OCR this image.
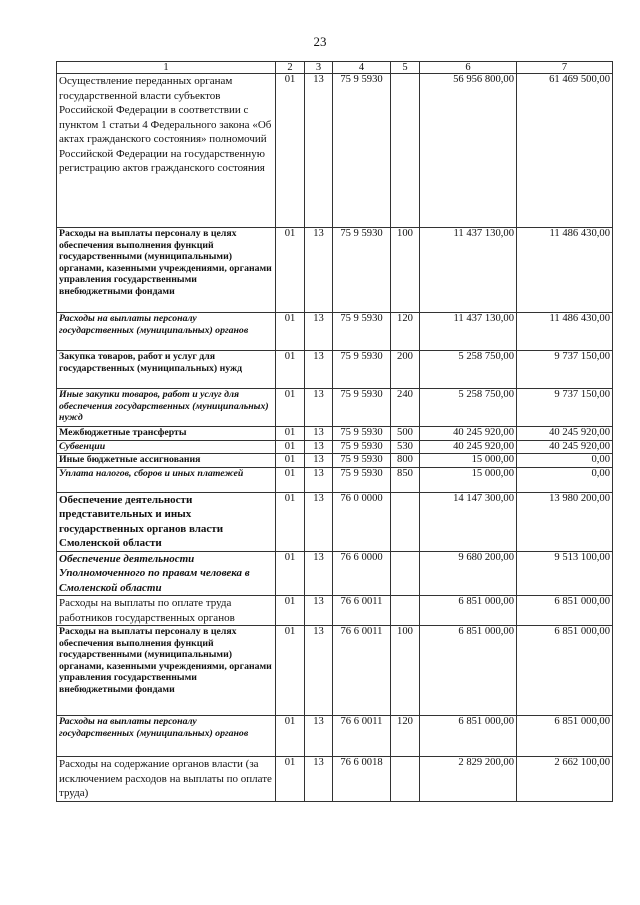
23
1	2	3	4	5	6	7
Осуществление переданных органам государственной власти субъектов Российской Федерации в соответствии с пунктом 1 статьи 4 Федерального закона «Об актах гражданского состояния» полномочий Российской Федерации на государственную регистрацию актов гражданского состояния	01	13	75 9 5930		56 956 800,00	61 469 500,00
Расходы на выплаты персоналу в целях обеспечения выполнения функций государственными (муниципальными) органами, казенными учреждениями, органами управления государственными внебюджетными фондами	01	13	75 9 5930	100	11 437 130,00	11 486 430,00
Расходы на выплаты персоналу государственных (муниципальных) органов	01	13	75 9 5930	120	11 437 130,00	11 486 430,00
Закупка товаров, работ и услуг для государственных (муниципальных) нужд	01	13	75 9 5930	200	5 258 750,00	9 737 150,00
Иные закупки товаров, работ и услуг для обеспечения государственных (муниципальных) нужд	01	13	75 9 5930	240	5 258 750,00	9 737 150,00
Межбюджетные трансферты	01	13	75 9 5930	500	40 245 920,00	40 245 920,00
Субвенции	01	13	75 9 5930	530	40 245 920,00	40 245 920,00
Иные бюджетные ассигнования	01	13	75 9 5930	800	15 000,00	0,00
Уплата налогов, сборов и иных платежей	01	13	75 9 5930	850	15 000,00	0,00
Обеспечение деятельности представительных и иных государственных органов власти Смоленской области	01	13	76 0 0000		14 147 300,00	13 980 200,00
Обеспечение деятельности Уполномоченного по правам человека в Смоленской области	01	13	76 6 0000		9 680 200,00	9 513 100,00
Расходы на выплаты по оплате труда работников государственных органов	01	13	76 6 0011		6 851 000,00	6 851 000,00
Расходы на выплаты персоналу в целях обеспечения выполнения функций государственными (муниципальными) органами, казенными учреждениями, органами управления государственными внебюджетными фондами	01	13	76 6 0011	100	6 851 000,00	6 851 000,00
Расходы на выплаты персоналу государственных (муниципальных) органов	01	13	76 6 0011	120	6 851 000,00	6 851 000,00
Расходы на содержание органов власти (за исключением расходов на выплаты по оплате труда)	01	13	76 6 0018		2 829 200,00	2 662 100,00
